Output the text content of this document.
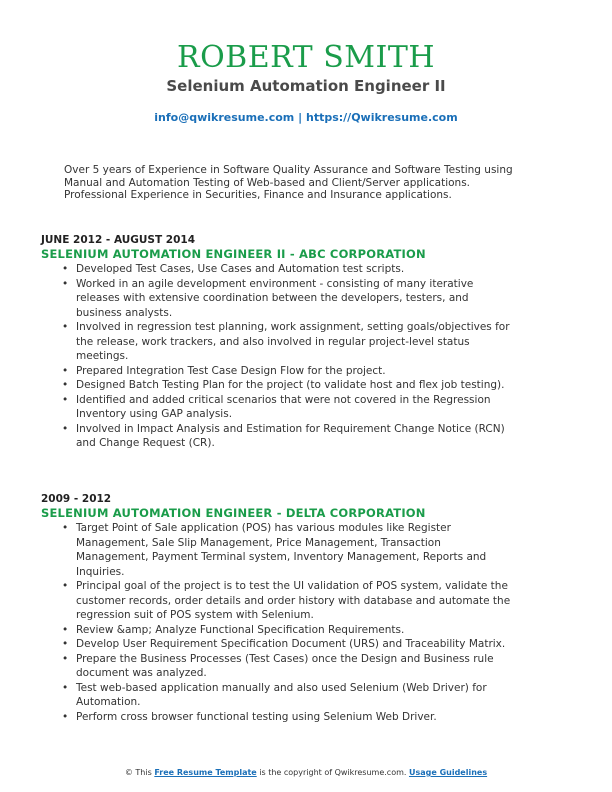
ROBERT SMITH
Selenium Automation Engineer II
info@qwikresume.com | https://Qwikresume.com
Over 5 years of Experience in Software Quality Assurance and Software Testing using Manual and Automation Testing of Web-based and Client/Server applications. Professional Experience in Securities, Finance and Insurance applications.
JUNE 2012 - AUGUST 2014
SELENIUM AUTOMATION ENGINEER II - ABC CORPORATION
• Developed Test Cases, Use Cases and Automation test scripts.
• Worked in an agile development environment - consisting of many iterative releases with extensive coordination between the developers, testers, and business analysts.
• Involved in regression test planning, work assignment, setting goals/objectives for the release, work trackers, and also involved in regular project-level status meetings.
• Prepared Integration Test Case Design Flow for the project.
• Designed Batch Testing Plan for the project (to validate host and flex job testing).
• Identified and added critical scenarios that were not covered in the Regression Inventory using GAP analysis.
• Involved in Impact Analysis and Estimation for Requirement Change Notice (RCN) and Change Request (CR).
2009 - 2012
SELENIUM AUTOMATION ENGINEER - DELTA CORPORATION
• Target Point of Sale application (POS) has various modules like Register Management, Sale Slip Management, Price Management, Transaction Management, Payment Terminal system, Inventory Management, Reports and Inquiries.
• Principal goal of the project is to test the UI validation of POS system, validate the customer records, order details and order history with database and automate the regression suit of POS system with Selenium.
• Review &amp; Analyze Functional Specification Requirements.
• Develop User Requirement Specification Document (URS) and Traceability Matrix.
• Prepare the Business Processes (Test Cases) once the Design and Business rule document was analyzed.
• Test web-based application manually and also used Selenium (Web Driver) for Automation.
• Perform cross browser functional testing using Selenium Web Driver.
© This Free Resume Template is the copyright of Qwikresume.com. Usage Guidelines
